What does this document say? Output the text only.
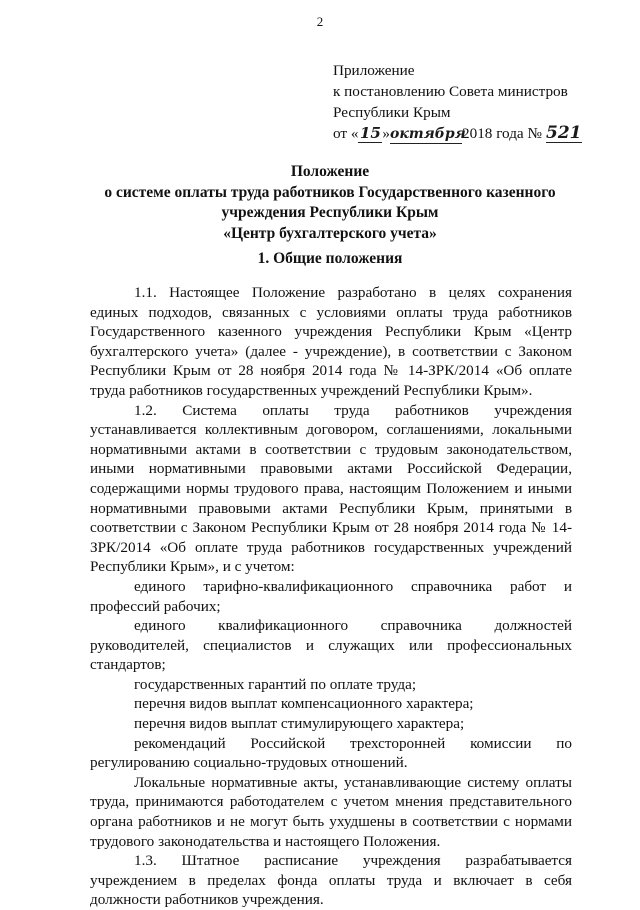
2
Приложение
к постановлению Совета министров
Республики Крым
от «15»октября2018 года № 521
Положение
о системе оплаты труда работников Государственного казенного
учреждения Республики Крым
«Центр бухгалтерского учета»
1. Общие положения

1.1. Настоящее Положение разработано в целях сохранения единых подходов, связанных с условиями оплаты труда работников Государственного казенного учреждения Республики Крым «Центр бухгалтерского учета» (далее - учреждение), в соответствии с Законом Республики Крым от 28 ноября 2014 года № 14-ЗРК/2014 «Об оплате труда работников государственных учреждений Республики Крым».

1.2. Система оплаты труда работников учреждения устанавливается коллективным договором, соглашениями, локальными нормативными актами в соответствии с трудовым законодательством, иными нормативными правовыми актами Российской Федерации, содержащими нормы трудового права, настоящим Положением и иными нормативными правовыми актами Республики Крым, принятыми в соответствии с Законом Республики Крым от 28 ноября 2014 года № 14-ЗРК/2014 «Об оплате труда работников государственных учреждений Республики Крым», и с учетом:

единого тарифно-квалификационного справочника работ и профессий рабочих;

единого квалификационного справочника должностей руководителей, специалистов и служащих или профессиональных стандартов;

государственных гарантий по оплате труда;

перечня видов выплат компенсационного характера;

перечня видов выплат стимулирующего характера;

рекомендаций Российской трехсторонней комиссии по регулированию социально-трудовых отношений.

Локальные нормативные акты, устанавливающие систему оплаты труда, принимаются работодателем с учетом мнения представительного органа работников и не могут быть ухудшены в соответствии с нормами трудового законодательства и настоящего Положения.

1.3. Штатное расписание учреждения разрабатывается учреждением в пределах фонда оплаты труда и включает в себя должности работников учреждения.
